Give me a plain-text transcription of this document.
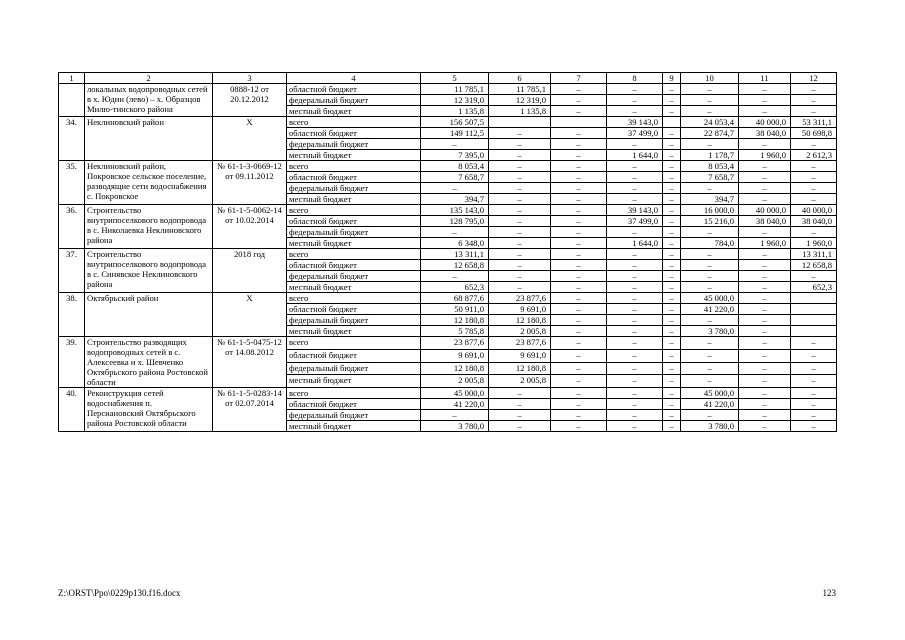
1	2	3	4	5	6	7	8	9	10	11	12
	локальных водопроводных сетей в х. Юдин (лево) – х. Образцов Милю-тинского района	0888-12 от 20.12.2012	областной бюджет	11 785,1	11 785,1	–	–	–	–	–	–
			федеральный бюджет	12 319,0	12 319,0	–	–	–	–	–	–
			местный бюджет	1 135,8	1 135,8	–	–	–	–	–	–
34.	Неклиновский район	Х	всего	156 507,5			39 143,0		24 053,4	40 000,0	53 311,1
			областной бюджет	149 112,5	–	–	37 499,0	–	22 874,7	38 040,0	50 698,8
			федеральный бюджет	–	–	–	–	–	–	–	–
			местный бюджет	7 395,0	–	–	1 644,0	–	1 178,7	1 960,0	2 612,3
35.	Неклиновский район, Покровское сельское поселение, разводящие сети водоснабжения с. Покровское	№ 61-1-3-0669-12 от 09.11.2012	всего	8 053,4	–	–	–	–	8 053,4	–	–
			областной бюджет	7 658,7	–	–	–	–	7 658,7	–	–
			федеральный бюджет	–	–	–	–	–	–	–	–
			местный бюджет	394,7	–	–	–	–	394,7	–	–
36.	Строительство внутрипоселкового водопровода в с. Николаевка Неклиновского района	№ 61-1-5-0062-14 от 10.02.2014	всего	135 143,0	–	–	39 143,0	–	16 000,0	40 000,0	40 000,0
			областной бюджет	128 795,0	–	–	37 499,0	–	15 216,0	38 040,0	38 040,0
			федеральный бюджет	–	–	–	–	–	–	–	–
			местный бюджет	6 348,0	–	–	1 644,0	–	784,0	1 960,0	1 960,0
37.	Строительство внутрипоселкового водопровода в с. Синявское Неклиновского района	2018 год	всего	13 311,1	–	–	–	–	–	–	13 311,1
			областной бюджет	12 658,8	–	–	–	–	–	–	12 658,8
			федеральный бюджет	–	–	–	–	–	–	–	–
			местный бюджет	652,3	–	–	–	–	–	–	652,3
38.	Октябрьский район	Х	всего	68 877,6	23 877,6	–	–	–	45 000,0	–	
			областной бюджет	50 911,0	9 691,0	–	–	–	41 220,0	–	
			федеральный бюджет	12 180,8	12 180,8	–	–	–	–	–	
			местный бюджет	5 785,8	2 005,8	–	–	–	3 780,0	–	
39.	Строительство разводящих водопроводных сетей в с. Алексеевка и х. Шевченко Октябрьского района Ростовской области	№ 61-1-5-0475-12 от 14.08.2012	всего	23 877,6	23 877,6	–	–	–	–	–	–
			областной бюджет	9 691,0	9 691,0	–	–	–	–	–	–
			федеральный бюджет	12 180,8	12 180,8	–	–	–	–	–	–
			местный бюджет	2 005,8	2 005,8	–	–	–	–	–	–
40.	Реконструкция сетей водоснабжения п. Персиановский Октябрьского района Ростовской области	№ 61-1-5-0283-14 от 02.07.2014	всего	45 000,0	–	–	–	–	45 000,0	–	–
			областной бюджет	41 220,0	–	–	–	–	41 220,0	–	–
			федеральный бюджет	–	–	–	–	–	–	–	–
			местный бюджет	3 780,0	–	–	–	–	3 780,0	–	–
Z:\ORST\Ppo\0229p130.f16.docx	123
